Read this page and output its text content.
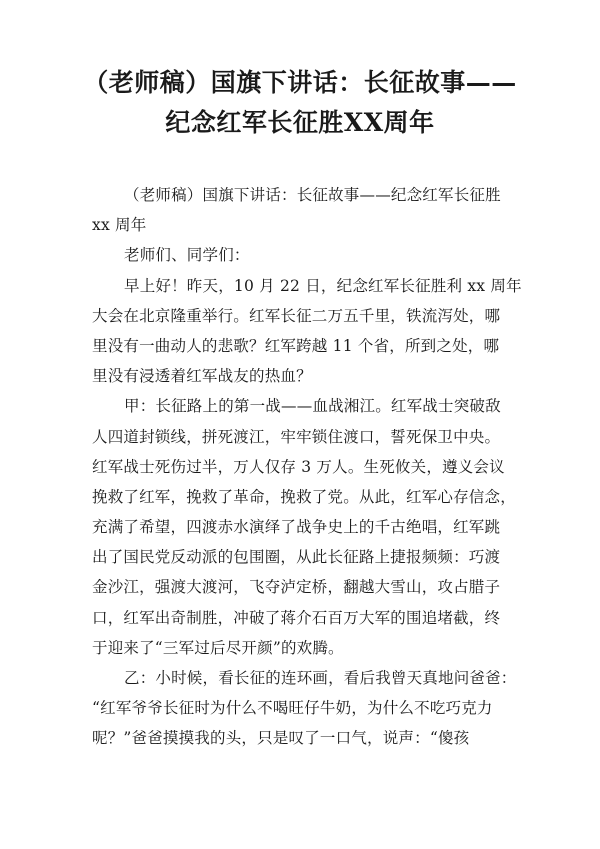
（老师稿）国旗下讲话：长征故事——
纪念红军长征胜XX周年
（老师稿）国旗下讲话：长征故事——纪念红军长征胜
xx 周年
老师们、同学们：
早上好！昨天，10 月 22 日，纪念红军长征胜利 xx 周年
大会在北京隆重举行。红军长征二万五千里，铁流泻处，哪
里没有一曲动人的悲歌？红军跨越 11 个省，所到之处，哪
里没有浸透着红军战友的热血？
甲：长征路上的第一战——血战湘江。红军战士突破敌
人四道封锁线，拼死渡江，牢牢锁住渡口，誓死保卫中央。
红军战士死伤过半，万人仅存 3 万人。生死攸关，遵义会议
挽救了红军，挽救了革命，挽救了党。从此，红军心存信念，
充满了希望，四渡赤水演绎了战争史上的千古绝唱，红军跳
出了国民党反动派的包围圈，从此长征路上捷报频频：巧渡
金沙江，强渡大渡河，飞夺泸定桥，翻越大雪山，攻占腊子
口，红军出奇制胜，冲破了蒋介石百万大军的围追堵截，终
于迎来了“三军过后尽开颜”的欢腾。
乙：小时候，看长征的连环画，看后我曾天真地问爸爸：
“红军爷爷长征时为什么不喝旺仔牛奶，为什么不吃巧克力
呢？”爸爸摸摸我的头，只是叹了一口气，说声：“傻孩
